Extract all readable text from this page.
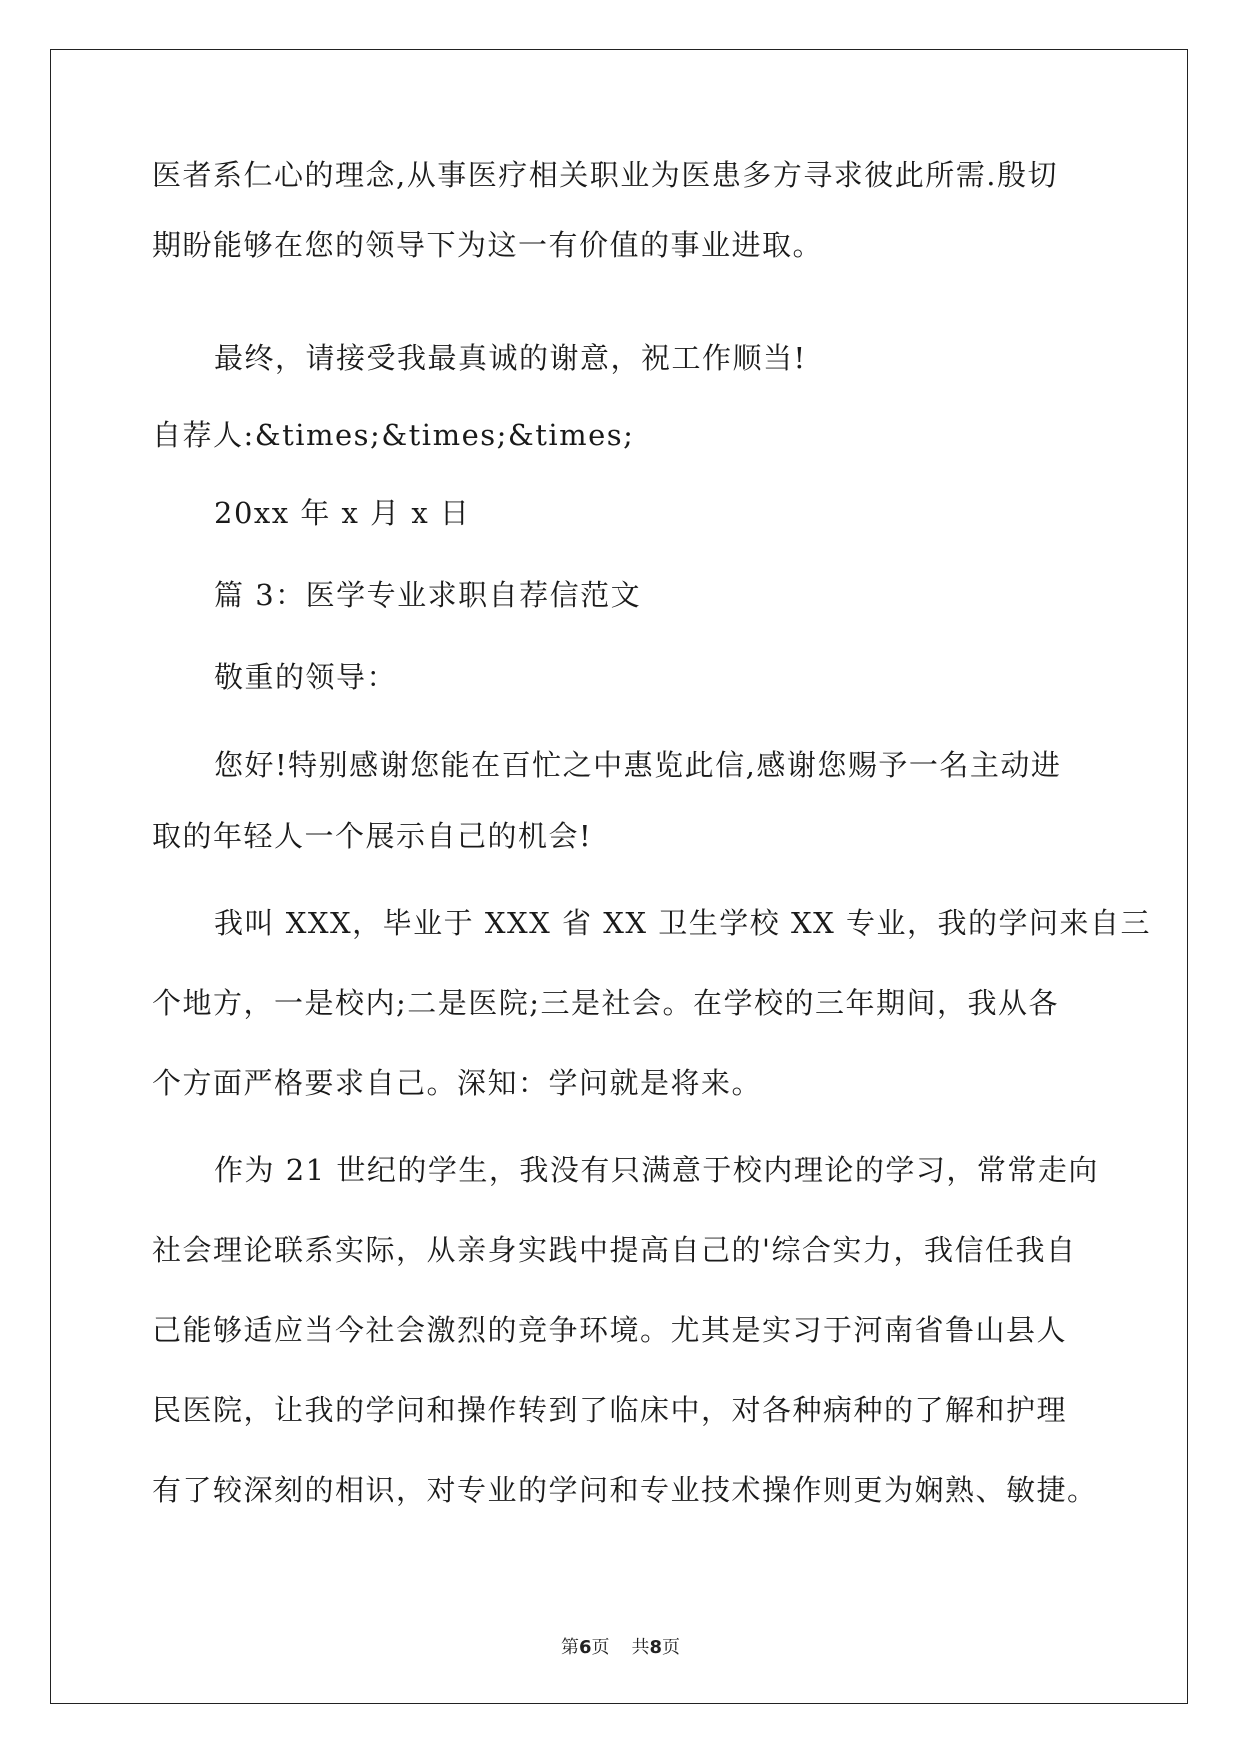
医者系仁心的理念,从事医疗相关职业为医患多方寻求彼此所需.殷切
期盼能够在您的领导下为这一有价值的事业进取。
最终，请接受我最真诚的谢意，祝工作顺当!
自荐人:&times;&times;&times;
20xx 年 x 月 x 日
篇 3：医学专业求职自荐信范文
敬重的领导：
您好!特别感谢您能在百忙之中惠览此信,感谢您赐予一名主动进
取的年轻人一个展示自己的机会!
我叫 XXX，毕业于 XXX 省 XX 卫生学校 XX 专业，我的学问来自三
个地方，一是校内;二是医院;三是社会。在学校的三年期间，我从各
个方面严格要求自己。深知：学问就是将来。
作为 21 世纪的学生，我没有只满意于校内理论的学习，常常走向
社会理论联系实际，从亲身实践中提高自己的'综合实力，我信任我自
己能够适应当今社会激烈的竞争环境。尤其是实习于河南省鲁山县人
民医院，让我的学问和操作转到了临床中，对各种病种的了解和护理
有了较深刻的相识，对专业的学问和专业技术操作则更为娴熟、敏捷。
第6页 共8页
